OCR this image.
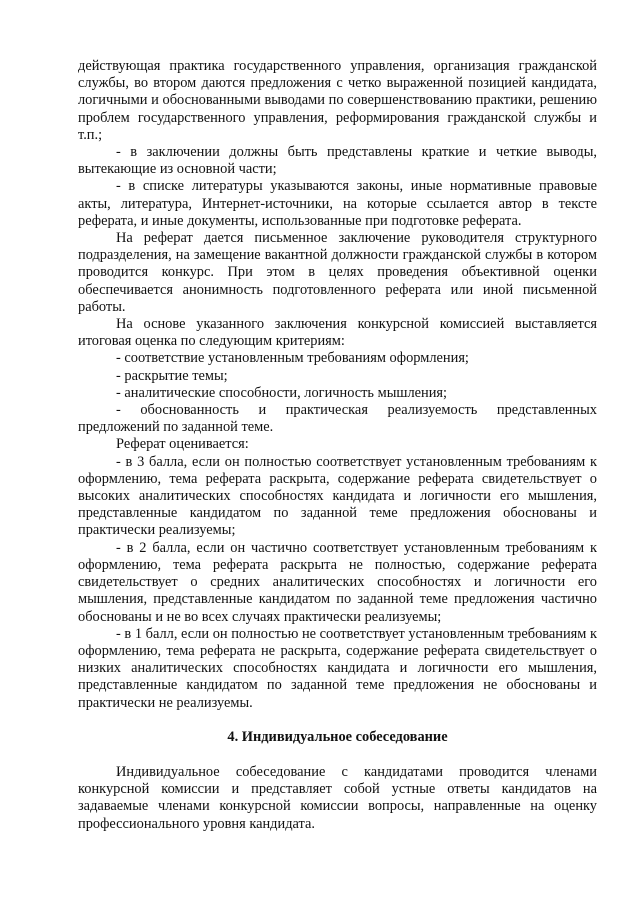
действующая практика государственного управления, организация гражданской службы, во втором даются предложения с четко выраженной позицией кандидата, логичными и обоснованными выводами по совершенствованию практики, решению проблем государственного управления, реформирования гражданской службы и т.п.;

- в заключении должны быть представлены краткие и четкие выводы, вытекающие из основной части;

- в списке литературы указываются законы, иные нормативные правовые акты, литература, Интернет-источники, на которые ссылается автор в тексте реферата, и иные документы, использованные при подготовке реферата.

На реферат дается письменное заключение руководителя структурного подразделения, на замещение вакантной должности гражданской службы в котором проводится конкурс. При этом в целях проведения объективной оценки обеспечивается анонимность подготовленного реферата или иной письменной работы.

На основе указанного заключения конкурсной комиссией выставляется итоговая оценка по следующим критериям:

- соответствие установленным требованиям оформления;

- раскрытие темы;

- аналитические способности, логичность мышления;

- обоснованность и практическая реализуемость представленных предложений по заданной теме.

Реферат оценивается:

- в 3 балла, если он полностью соответствует установленным требованиям к оформлению, тема реферата раскрыта, содержание реферата свидетельствует о высоких аналитических способностях кандидата и логичности его мышления, представленные кандидатом по заданной теме предложения обоснованы и практически реализуемы;

- в 2 балла, если он частично соответствует установленным требованиям к оформлению, тема реферата раскрыта не полностью, содержание реферата свидетельствует о средних аналитических способностях и логичности его мышления, представленные кандидатом по заданной теме предложения частично обоснованы и не во всех случаях практически реализуемы;

- в 1 балл, если он полностью не соответствует установленным требованиям к оформлению, тема реферата не раскрыта, содержание реферата свидетельствует о низких аналитических способностях кандидата и логичности его мышления, представленные кандидатом по заданной теме предложения не обоснованы и практически не реализуемы.

4. Индивидуальное собеседование

Индивидуальное собеседование с кандидатами проводится членами конкурсной комиссии и представляет собой устные ответы кандидатов на задаваемые членами конкурсной комиссии вопросы, направленные на оценку профессионального уровня кандидата.
